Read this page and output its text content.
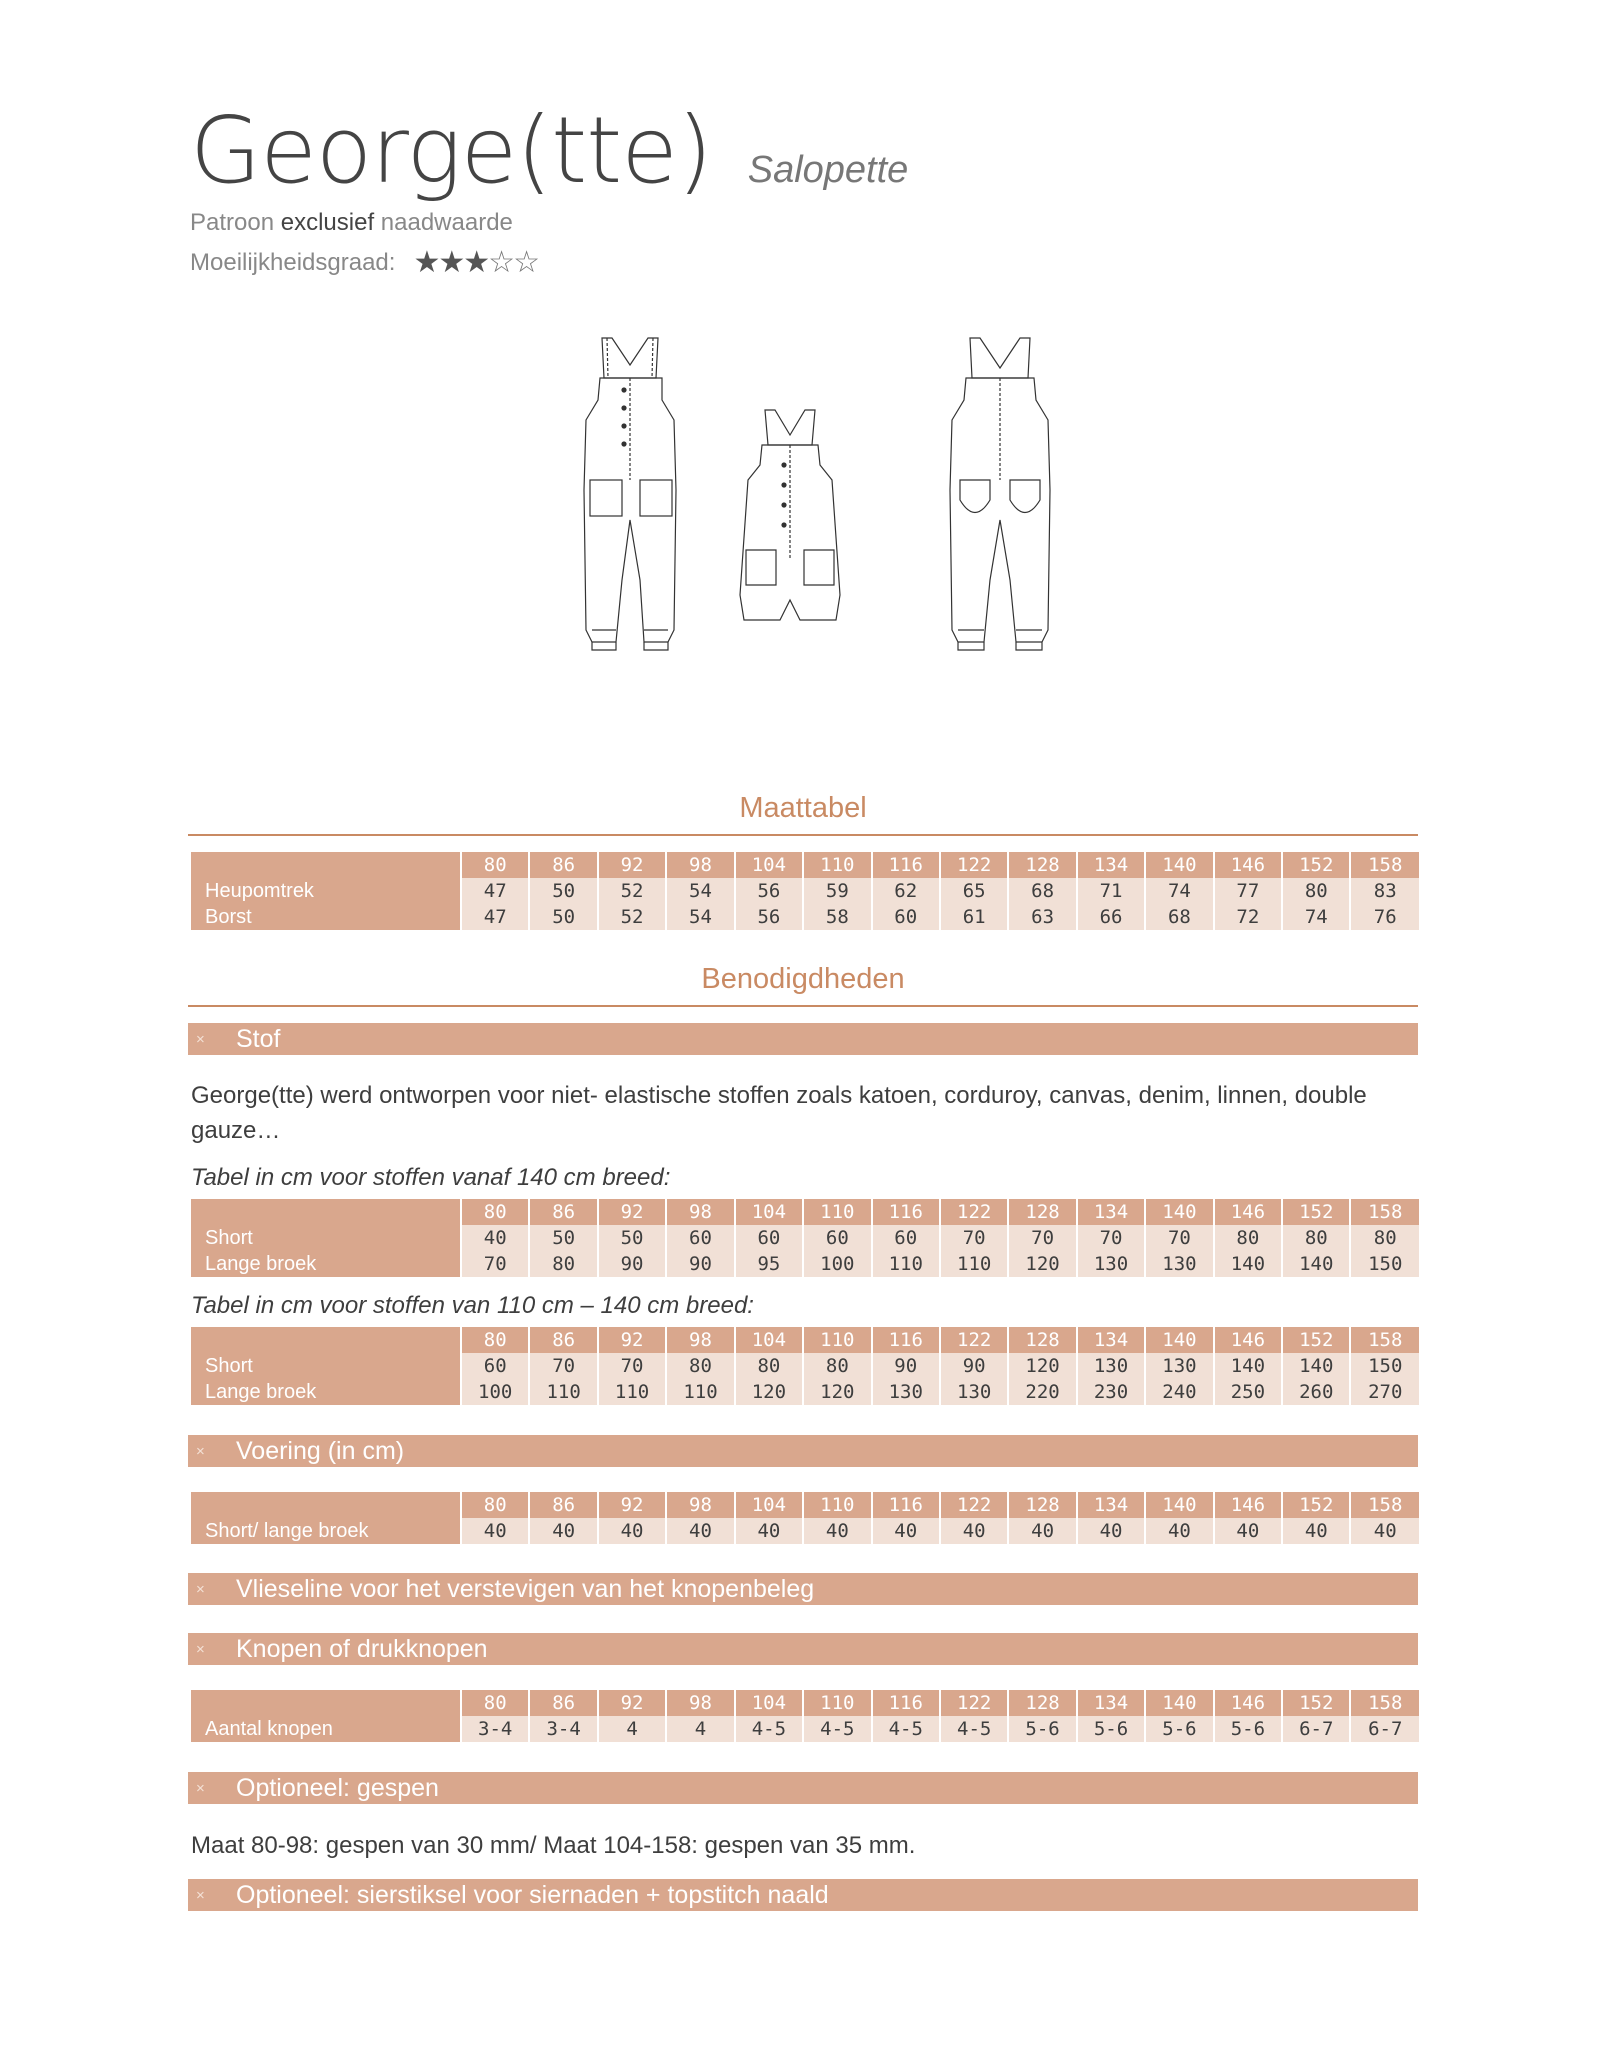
George(tte) Salopette
Patroon exclusief naadwaarde
Moeilijkheidsgraad: ★★★☆☆
Maattabel
	80	86	92	98	104	110	116	122	128	134	140	146	152	158
Heupomtrek	47	50	52	54	56	59	62	65	68	71	74	77	80	83
Borst	47	50	52	54	56	58	60	61	63	66	68	72	74	76
Benodigdheden
×	Stof
George(tte) werd ontworpen voor niet- elastische stoffen zoals katoen, corduroy, canvas, denim, linnen, double gauze…
Tabel in cm voor stoffen vanaf 140 cm breed:
	80	86	92	98	104	110	116	122	128	134	140	146	152	158
Short	40	50	50	60	60	60	60	70	70	70	70	80	80	80
Lange broek	70	80	90	90	95	100	110	110	120	130	130	140	140	150
Tabel in cm voor stoffen van 110 cm – 140 cm breed:
	80	86	92	98	104	110	116	122	128	134	140	146	152	158
Short	60	70	70	80	80	80	90	90	120	130	130	140	140	150
Lange broek	100	110	110	110	120	120	130	130	220	230	240	250	260	270
×	Voering (in cm)
	80	86	92	98	104	110	116	122	128	134	140	146	152	158
Short/ lange broek	40	40	40	40	40	40	40	40	40	40	40	40	40	40
×	Vlieseline voor het verstevigen van het knopenbeleg
×	Knopen of drukknopen
	80	86	92	98	104	110	116	122	128	134	140	146	152	158
Aantal knopen	3-4	3-4	4	4	4-5	4-5	4-5	4-5	5-6	5-6	5-6	5-6	6-7	6-7
×	Optioneel: gespen
Maat 80-98: gespen van 30 mm/ Maat 104-158: gespen van 35 mm.
×	Optioneel: sierstiksel voor siernaden + topstitch naald
